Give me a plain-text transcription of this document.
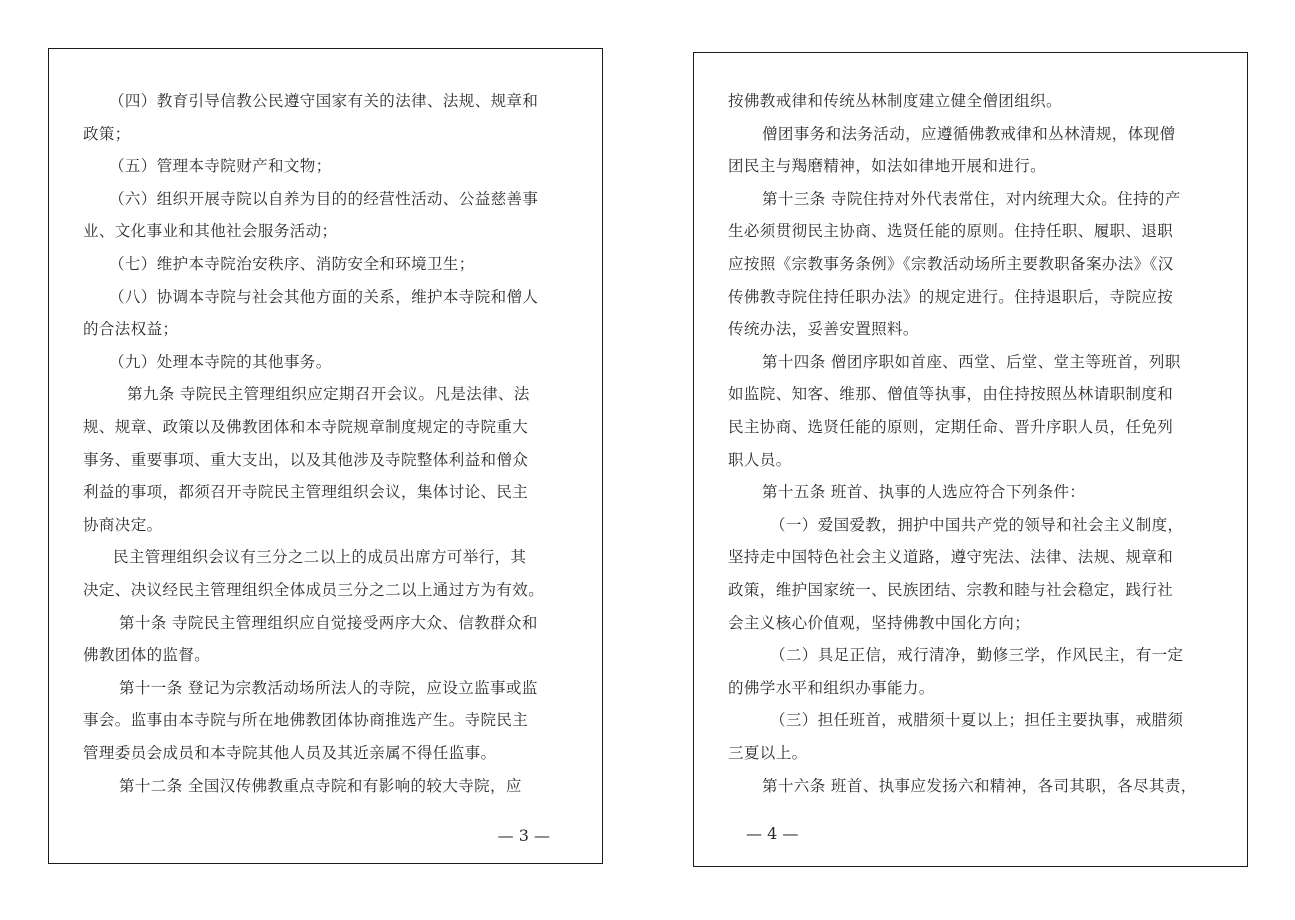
（四）教育引导信教公民遵守国家有关的法律、法规、规章和
政策；
（五）管理本寺院财产和文物；
（六）组织开展寺院以自养为目的的经营性活动、公益慈善事
业、文化事业和其他社会服务活动；
（七）维护本寺院治安秩序、消防安全和环境卫生；
（八）协调本寺院与社会其他方面的关系，维护本寺院和僧人
的合法权益；
（九）处理本寺院的其他事务。
第九条 寺院民主管理组织应定期召开会议。凡是法律、法
规、规章、政策以及佛教团体和本寺院规章制度规定的寺院重大
事务、重要事项、重大支出，以及其他涉及寺院整体利益和僧众
利益的事项，都须召开寺院民主管理组织会议，集体讨论、民主
协商决定。
民主管理组织会议有三分之二以上的成员出席方可举行，其
决定、决议经民主管理组织全体成员三分之二以上通过方为有效。
第十条 寺院民主管理组织应自觉接受两序大众、信教群众和
佛教团体的监督。
第十一条 登记为宗教活动场所法人的寺院，应设立监事或监
事会。监事由本寺院与所在地佛教团体协商推选产生。寺院民主
管理委员会成员和本寺院其他人员及其近亲属不得任监事。
第十二条 全国汉传佛教重点寺院和有影响的较大寺院，应
— 3 —
按佛教戒律和传统丛林制度建立健全僧团组织。
僧团事务和法务活动，应遵循佛教戒律和丛林清规，体现僧
团民主与羯磨精神，如法如律地开展和进行。
第十三条 寺院住持对外代表常住，对内统理大众。住持的产
生必须贯彻民主协商、选贤任能的原则。住持任职、履职、退职
应按照《宗教事务条例》《宗教活动场所主要教职备案办法》《汉
传佛教寺院住持任职办法》的规定进行。住持退职后，寺院应按
传统办法，妥善安置照料。
第十四条 僧团序职如首座、西堂、后堂、堂主等班首，列职
如监院、知客、维那、僧值等执事，由住持按照丛林请职制度和
民主协商、选贤任能的原则，定期任命、晋升序职人员，任免列
职人员。
第十五条 班首、执事的人选应符合下列条件：
（一）爱国爱教，拥护中国共产党的领导和社会主义制度，
坚持走中国特色社会主义道路，遵守宪法、法律、法规、规章和
政策，维护国家统一、民族团结、宗教和睦与社会稳定，践行社
会主义核心价值观，坚持佛教中国化方向；
（二）具足正信，戒行清净，勤修三学，作风民主，有一定
的佛学水平和组织办事能力。
（三）担任班首，戒腊须十夏以上；担任主要执事，戒腊须
三夏以上。
第十六条 班首、执事应发扬六和精神，各司其职，各尽其责，
— 4 —
